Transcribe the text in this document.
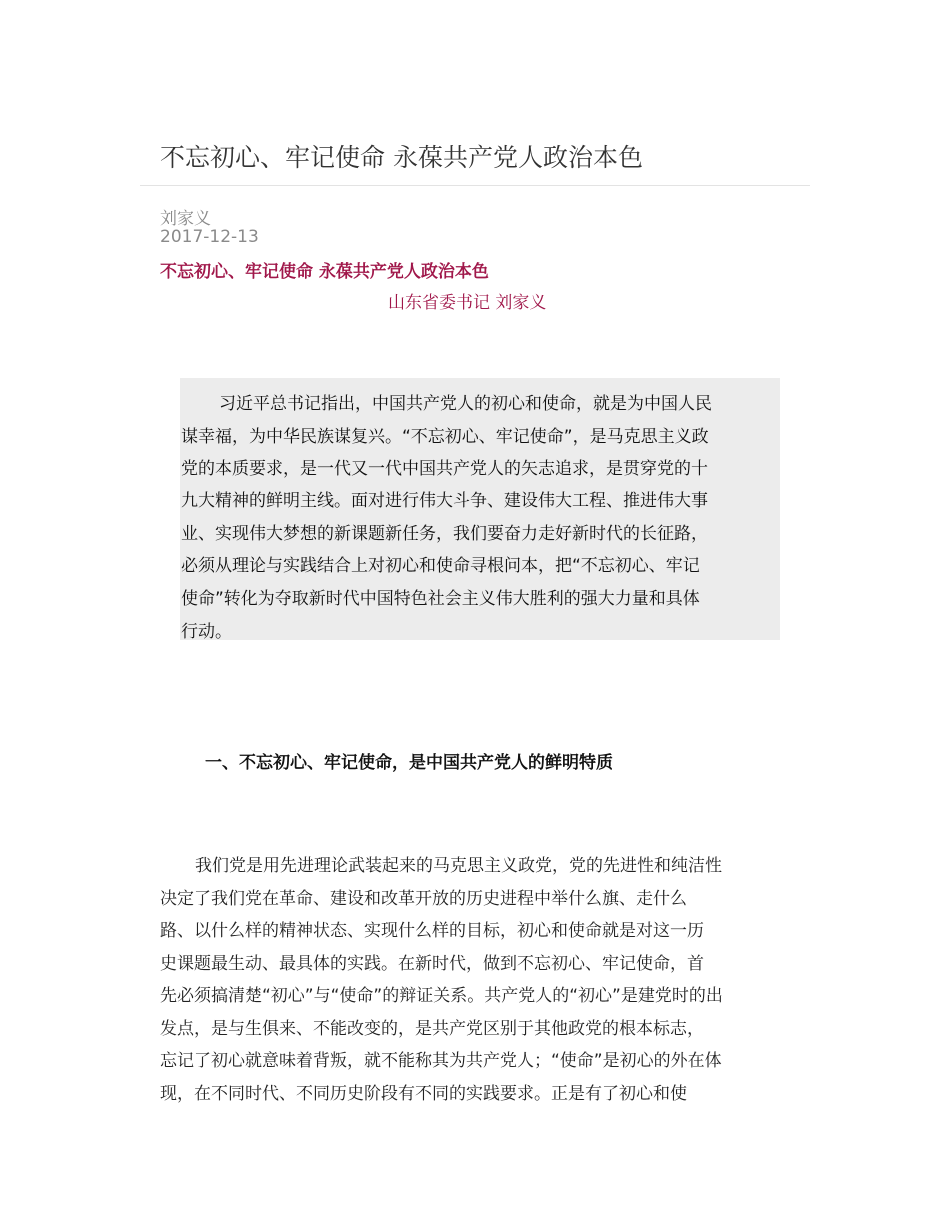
不忘初心、牢记使命 永葆共产党人政治本色
刘家义
2017-12-13
不忘初心、牢记使命 永葆共产党人政治本色
山东省委书记 刘家义
习近平总书记指出，中国共产党人的初心和使命，就是为中国人民
谋幸福，为中华民族谋复兴。“不忘初心、牢记使命”，是马克思主义政
党的本质要求，是一代又一代中国共产党人的矢志追求，是贯穿党的十
九大精神的鲜明主线。面对进行伟大斗争、建设伟大工程、推进伟大事
业、实现伟大梦想的新课题新任务，我们要奋力走好新时代的长征路，
必须从理论与实践结合上对初心和使命寻根问本，把“不忘初心、牢记
使命”转化为夺取新时代中国特色社会主义伟大胜利的强大力量和具体
行动。
一、不忘初心、牢记使命，是中国共产党人的鲜明特质
我们党是用先进理论武装起来的马克思主义政党，党的先进性和纯洁性
决定了我们党在革命、建设和改革开放的历史进程中举什么旗、走什么
路、以什么样的精神状态、实现什么样的目标，初心和使命就是对这一历
史课题最生动、最具体的实践。在新时代，做到不忘初心、牢记使命，首
先必须搞清楚“初心”与“使命”的辩证关系。共产党人的“初心”是建党时的出
发点，是与生俱来、不能改变的，是共产党区别于其他政党的根本标志，
忘记了初心就意味着背叛，就不能称其为共产党人；“使命”是初心的外在体
现，在不同时代、不同历史阶段有不同的实践要求。正是有了初心和使
